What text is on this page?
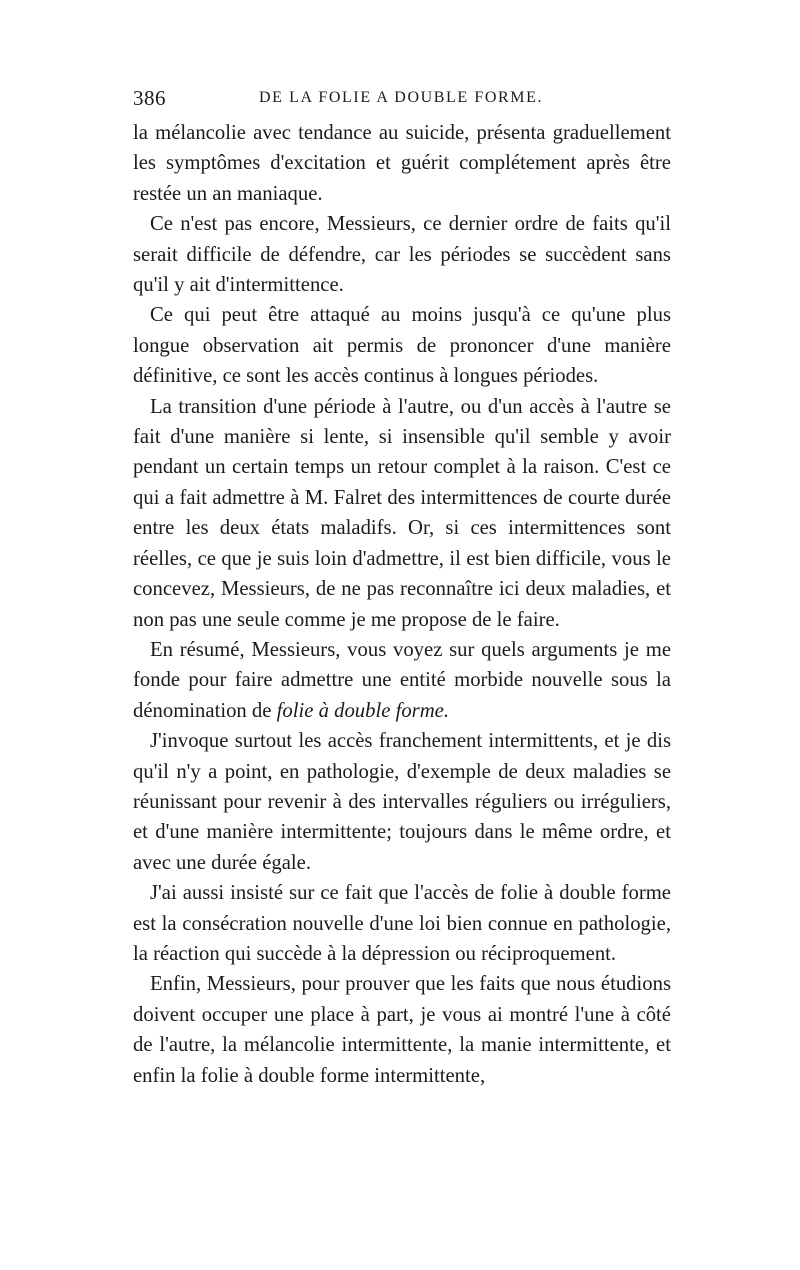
386	DE LA FOLIE A DOUBLE FORME.

la mélancolie avec tendance au suicide, présenta graduellement les symptômes d'excitation et guérit complétement après être restée un an maniaque.

Ce n'est pas encore, Messieurs, ce dernier ordre de faits qu'il serait difficile de défendre, car les périodes se succèdent sans qu'il y ait d'intermittence.

Ce qui peut être attaqué au moins jusqu'à ce qu'une plus longue observation ait permis de prononcer d'une manière définitive, ce sont les accès continus à longues périodes.

La transition d'une période à l'autre, ou d'un accès à l'autre se fait d'une manière si lente, si insensible qu'il semble y avoir pendant un certain temps un retour complet à la raison. C'est ce qui a fait admettre à M. Falret des intermittences de courte durée entre les deux états maladifs. Or, si ces intermittences sont réelles, ce que je suis loin d'admettre, il est bien difficile, vous le concevez, Messieurs, de ne pas reconnaître ici deux maladies, et non pas une seule comme je me propose de le faire.

En résumé, Messieurs, vous voyez sur quels arguments je me fonde pour faire admettre une entité morbide nouvelle sous la dénomination de folie à double forme.

J'invoque surtout les accès franchement intermittents, et je dis qu'il n'y a point, en pathologie, d'exemple de deux maladies se réunissant pour revenir à des intervalles réguliers ou irréguliers, et d'une manière intermittente; toujours dans le même ordre, et avec une durée égale.

J'ai aussi insisté sur ce fait que l'accès de folie à double forme est la consécration nouvelle d'une loi bien connue en pathologie, la réaction qui succède à la dépression ou réciproquement.

Enfin, Messieurs, pour prouver que les faits que nous étudions doivent occuper une place à part, je vous ai montré l'une à côté de l'autre, la mélancolie intermittente, la manie intermittente, et enfin la folie à double forme intermittente,
